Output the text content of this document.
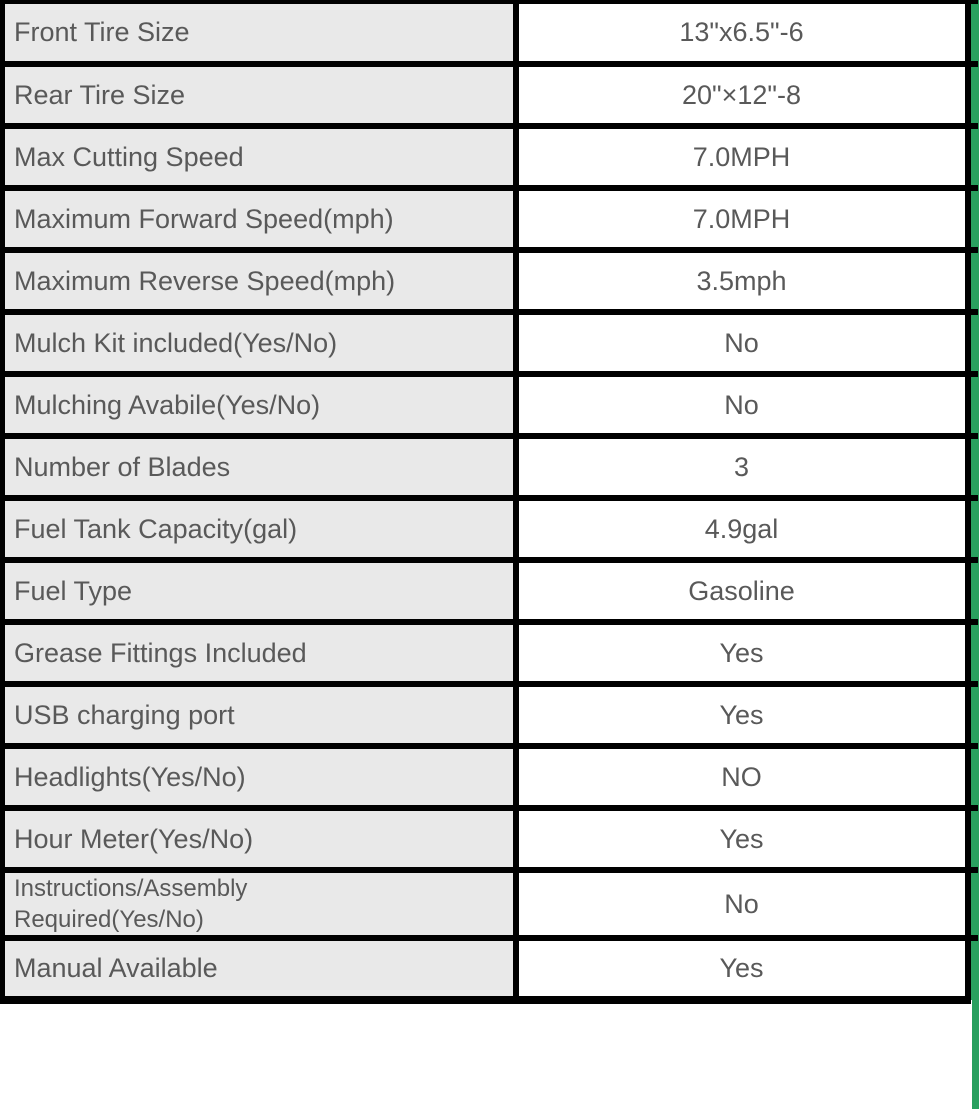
Front Tire Size	13"x6.5"-6	
Rear Tire Size	20"×12"-8	
Max Cutting Speed	7.0MPH	
Maximum Forward Speed(mph)	7.0MPH	
Maximum Reverse Speed(mph)	3.5mph	
Mulch Kit included(Yes/No)	No	
Mulching Avabile(Yes/No)	No	
Number of Blades	3	
Fuel Tank Capacity(gal)	4.9gal	
Fuel Type	Gasoline	
Grease Fittings Included	Yes	
USB charging port	Yes	
Headlights(Yes/No)	NO	
Hour Meter(Yes/No)	Yes	
Instructions/Assembly Required(Yes/No)	No	
Manual Available	Yes	
